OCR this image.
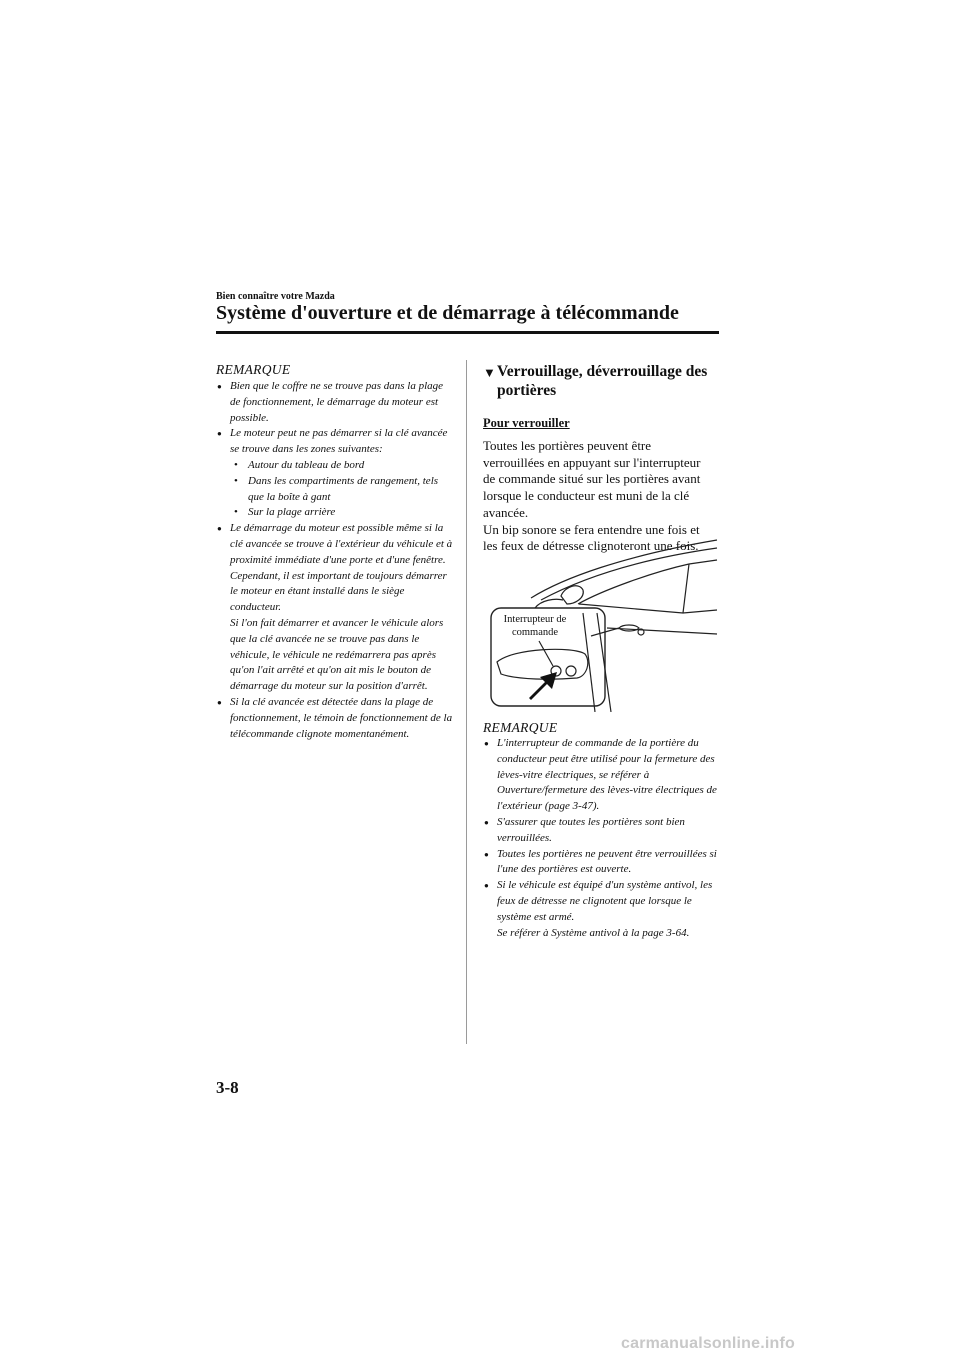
Bien connaître votre Mazda
Système d'ouverture et de démarrage à télécommande
REMARQUE
● Bien que le coffre ne se trouve pas dans la plage de fonctionnement, le démarrage du moteur est possible.
● Le moteur peut ne pas démarrer si la clé avancée se trouve dans les zones suivantes:
• Autour du tableau de bord
• Dans les compartiments de rangement, tels que la boîte à gant
• Sur la plage arrière
● Le démarrage du moteur est possible même si la clé avancée se trouve à l'extérieur du véhicule et à proximité immédiate d'une porte et d'une fenêtre. Cependant, il est important de toujours démarrer le moteur en étant installé dans le siège conducteur.
Si l'on fait démarrer et avancer le véhicule alors que la clé avancée ne se trouve pas dans le véhicule, le véhicule ne redémarrera pas après qu'on l'ait arrêté et qu'on ait mis le bouton de démarrage du moteur sur la position d'arrêt.
● Si la clé avancée est détectée dans la plage de fonctionnement, le témoin de fonctionnement de la télécommande clignote momentanément.
▼ Verrouillage, déverrouillage des
portières
Pour verrouiller
Toutes les portières peuvent être
verrouillées en appuyant sur l'interrupteur
de commande situé sur les portières avant
lorsque le conducteur est muni de la clé
avancée.
Un bip sonore se fera entendre une fois et
les feux de détresse clignoteront une fois.
Interrupteur de
commande
REMARQUE
● L'interrupteur de commande de la portière du conducteur peut être utilisé pour la fermeture des lèves-vitre électriques, se référer à Ouverture/fermeture des lèves-vitre électriques de l'extérieur (page 3-47).
● S'assurer que toutes les portières sont bien verrouillées.
● Toutes les portières ne peuvent être verrouillées si l'une des portières est ouverte.
● Si le véhicule est équipé d'un système antivol, les feux de détresse ne clignotent que lorsque le système est armé.
Se référer à Système antivol à la page 3-64.
3-8
carmanualsonline.info
